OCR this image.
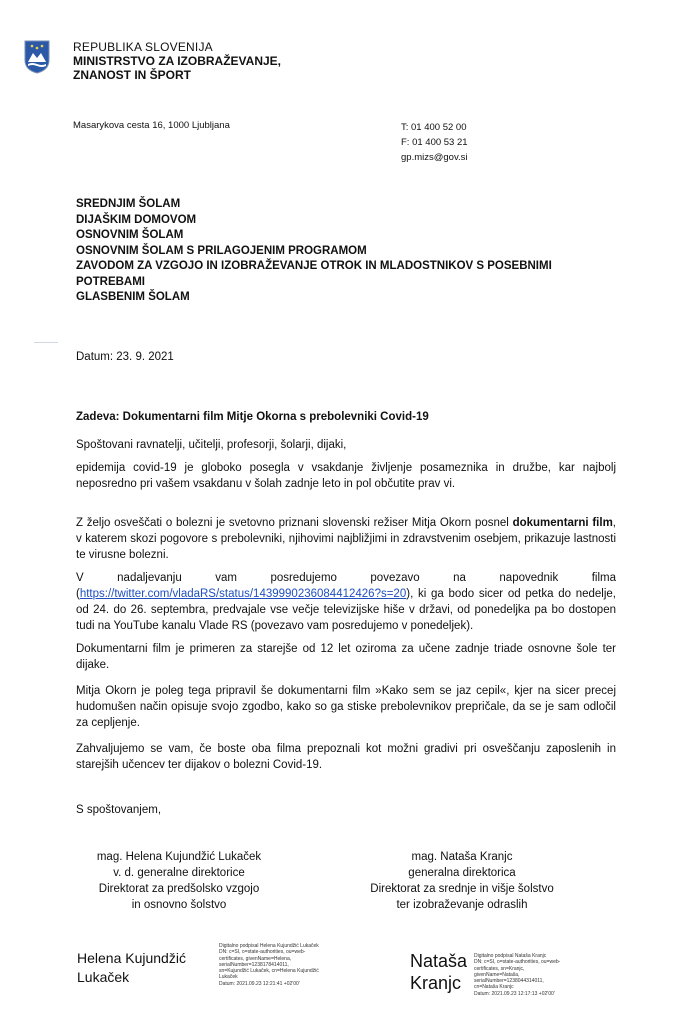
REPUBLIKA SLOVENIJA
MINISTRSTVO ZA IZOBRAŽEVANJE,
ZNANOST IN ŠPORT
Masarykova cesta 16, 1000 Ljubljana	T: 01 400 52 00
F: 01 400 53 21
gp.mizs@gov.si
SREDNJIM ŠOLAM
DIJAŠKIM DOMOVOM
OSNOVNIM ŠOLAM
OSNOVNIM ŠOLAM S PRILAGOJENIM PROGRAMOM
ZAVODOM ZA VZGOJO IN IZOBRAŽEVANJE OTROK IN MLADOSTNIKOV S POSEBNIMI
POTREBAMI
GLASBENIM ŠOLAM
Datum: 23. 9. 2021
Zadeva: Dokumentarni film Mitje Okorna s prebolevniki Covid-19
Spoštovani ravnatelji, učitelji, profesorji, šolarji, dijaki,
epidemija covid-19 je globoko posegla v vsakdanje življenje posameznika in družbe, kar najbolj neposredno pri vašem vsakdanu v šolah zadnje leto in pol občutite prav vi.
Z željo osveščati o bolezni je svetovno priznani slovenski režiser Mitja Okorn posnel dokumentarni film, v katerem skozi pogovore s prebolevniki, njihovimi najbližjimi in zdravstvenim osebjem, prikazuje lastnosti te virusne bolezni.
V nadaljevanju vam posredujemo povezavo na napovednik filma (https://twitter.com/vladaRS/status/1439990236084412426?s=20), ki ga bodo sicer od petka do nedelje, od 24. do 26. septembra, predvajale vse večje televizijske hiše v državi, od ponedeljka pa bo dostopen tudi na YouTube kanalu Vlade RS (povezavo vam posredujemo v ponedeljek).
Dokumentarni film je primeren za starejše od 12 let oziroma za učene zadnje triade osnovne šole ter dijake.
Mitja Okorn je poleg tega pripravil še dokumentarni film »Kako sem se jaz cepil«, kjer na sicer precej hudomušen način opisuje svojo zgodbo, kako so ga stiske prebolevnikov prepričale, da se je sam odločil za cepljenje.
Zahvaljujemo se vam, če boste oba filma prepoznali kot možni gradivi pri osveščanju zaposlenih in starejših učencev ter dijakov o bolezni Covid-19.
S spoštovanjem,
mag. Helena Kujundžić Lukaček
v. d. generalne direktorice
Direktorat za predšolsko vzgojo
in osnovno šolstvo
mag. Nataša Kranjc
generalna direktorica
Direktorat za srednje in višje šolstvo
ter izobraževanje odraslih
Helena Kujundžić
Lukaček
Digitalno podpisal Helena Kujundžić Lukaček
DN: c=SI, o=state-authorities, ou=web-
certificates, givenName=Helena,
serialNumber=1238178414011,
sn=Kujundžić Lukaček, cn=Helena Kujundžić
Lukaček
Datum: 2021.09.23 12:21:41 +02'00'
Nataša
Kranjc
Digitalno podpisal Nataša Kranjc
DN: c=SI, o=state-authorities, ou=web-
certificates, sn=Kranjc,
givenName=Nataša,
serialNumber=1238044314011,
cn=Nataša Kranjc
Datum: 2021.09.23 12:17:13 +02'00'
